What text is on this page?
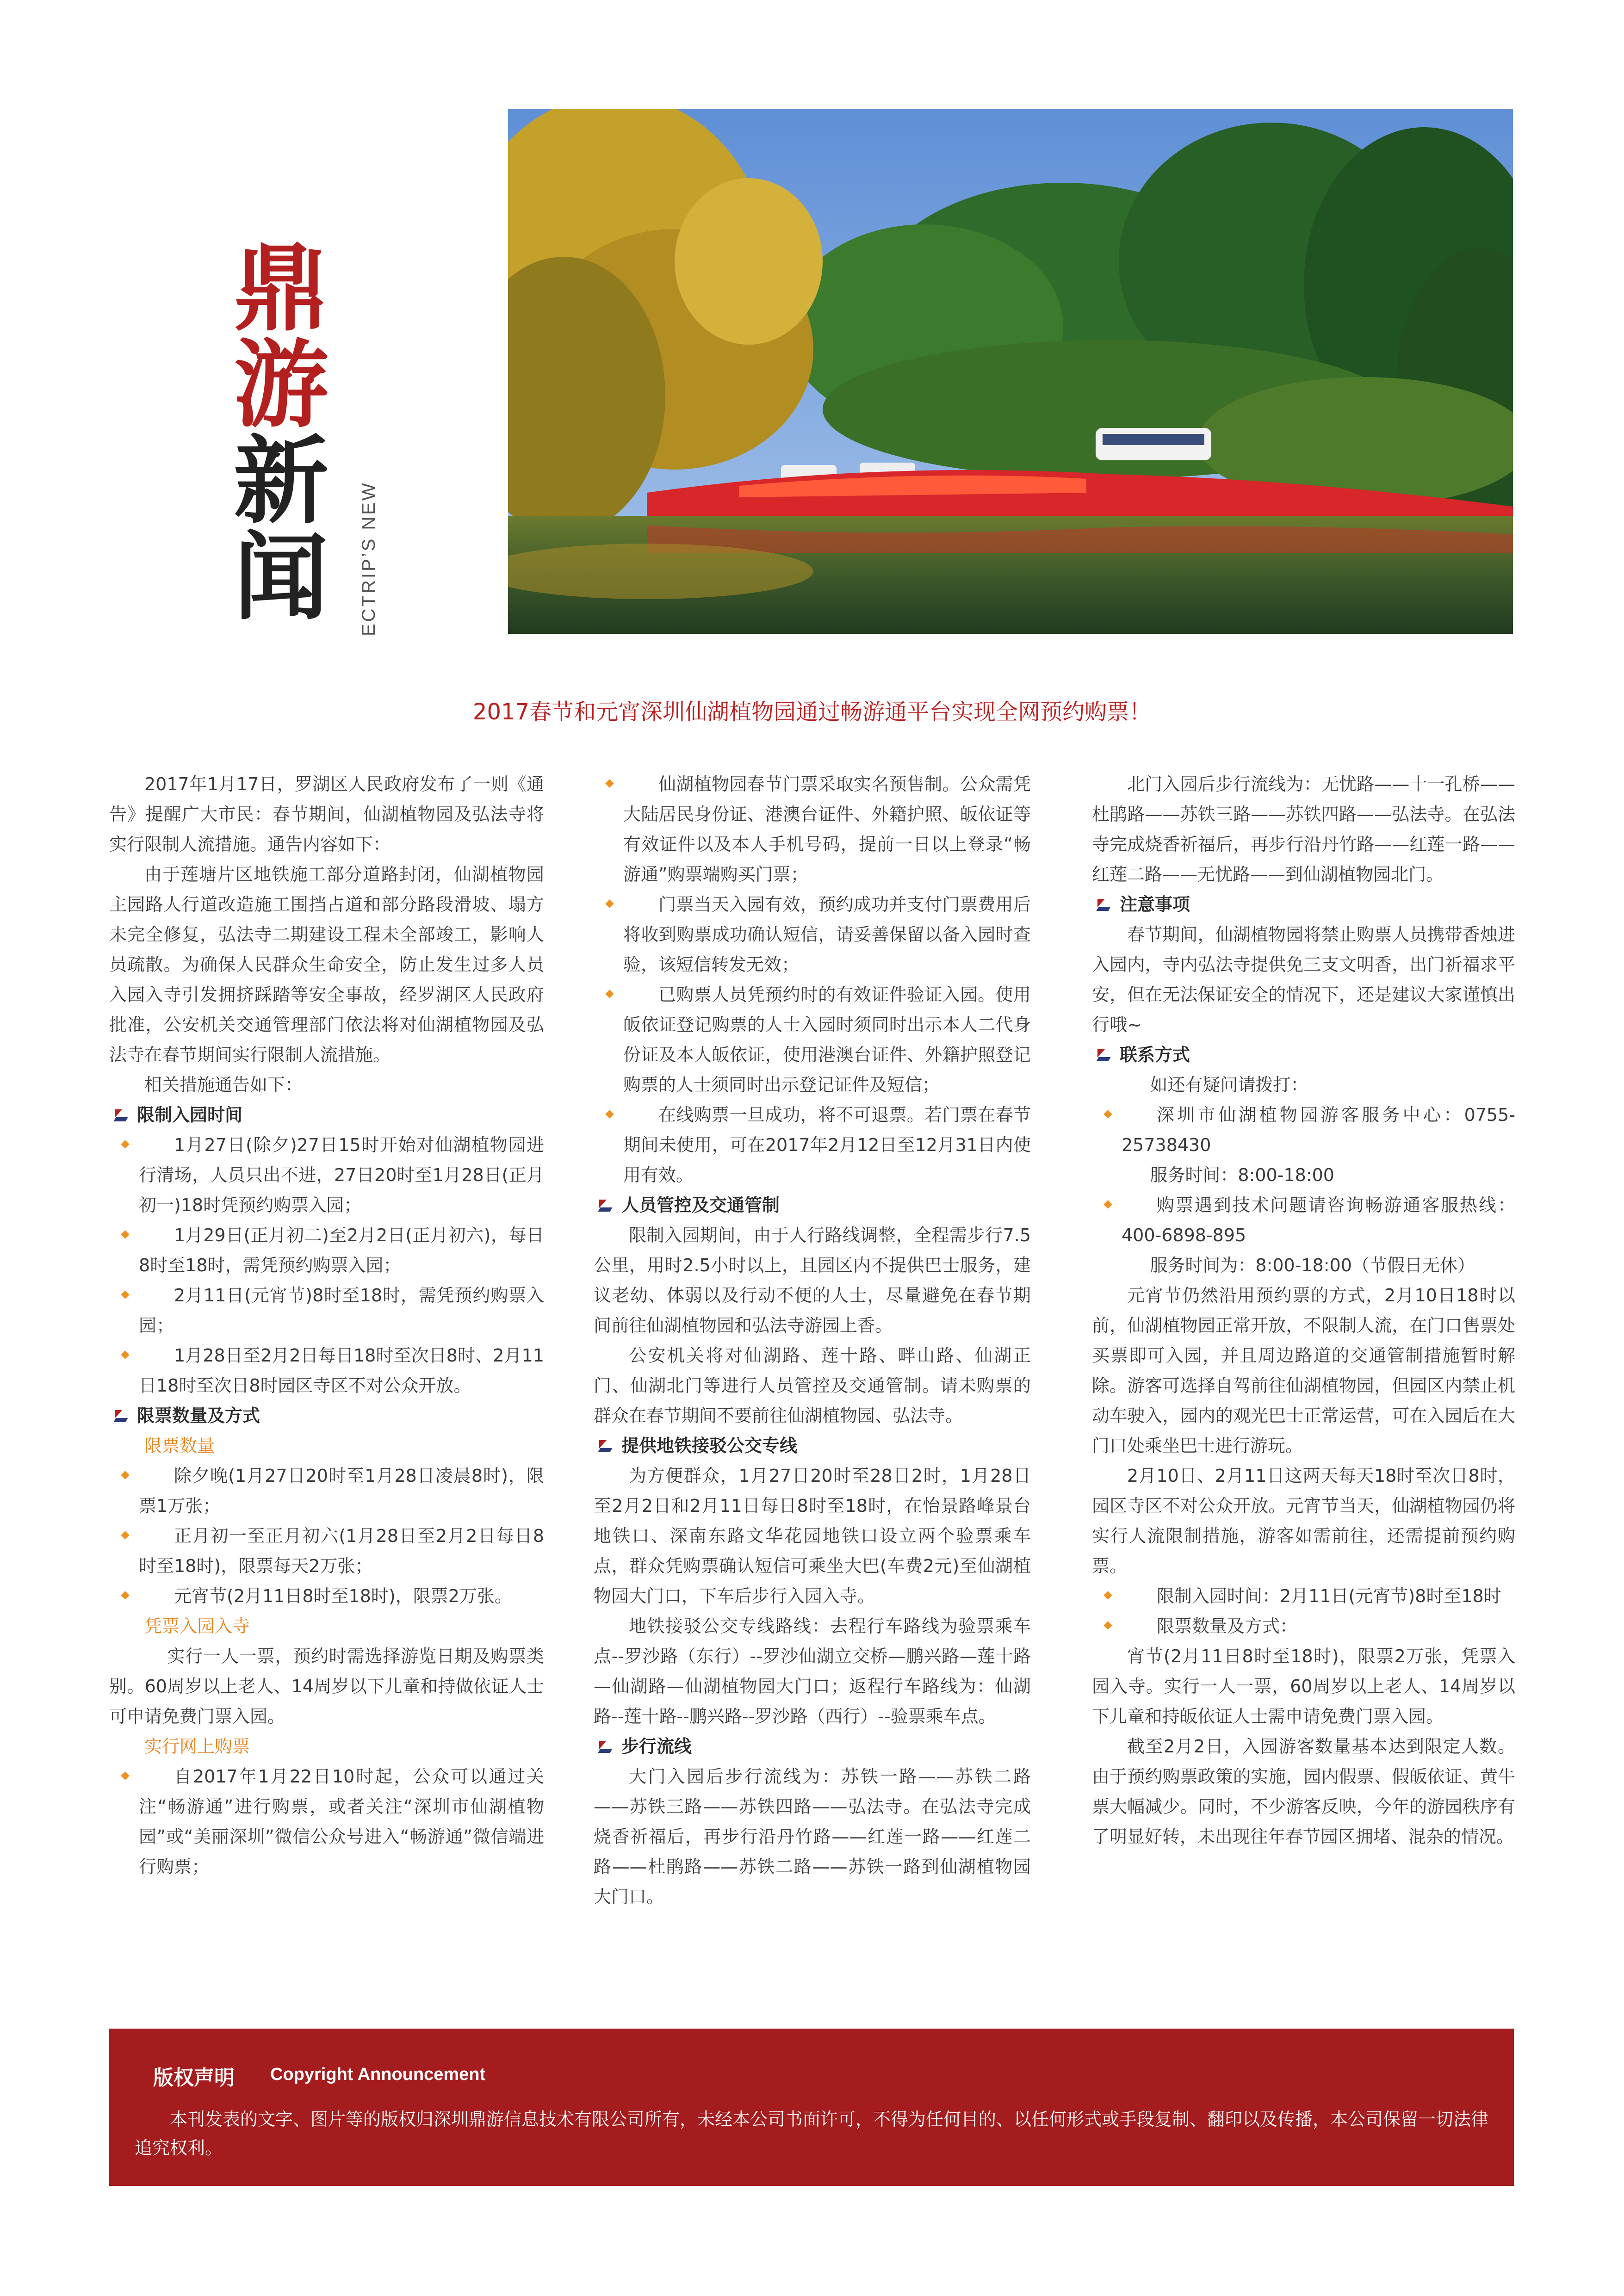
鼎
游
新
闻	ECTRIP’S NEW
2017春节和元宵深圳仙湖植物园通过畅游通平台实现全网预约购票！

2017年1月17日，罗湖区人民政府发布了一则《通告》提醒广大市民：春节期间，仙湖植物园及弘法寺将实行限制人流措施。通告内容如下：

由于莲塘片区地铁施工部分道路封闭，仙湖植物园主园路人行道改造施工围挡占道和部分路段滑坡、塌方未完全修复，弘法寺二期建设工程未全部竣工，影响人员疏散。为确保人民群众生命安全，防止发生过多人员入园入寺引发拥挤踩踏等安全事故，经罗湖区人民政府批准，公安机关交通管理部门依法将对仙湖植物园及弘法寺在春节期间实行限制人流措施。

相关措施通告如下：

限制入园时间
1月27日(除夕)27日15时开始对仙湖植物园进行清场，人员只出不进，27日20时至1月28日(正月初一)18时凭预约购票入园；
1月29日(正月初二)至2月2日(正月初六)，每日8时至18时，需凭预约购票入园；
2月11日(元宵节)8时至18时，需凭预约购票入园；
1月28日至2月2日每日18时至次日8时、2月11日18时至次日8时园区寺区不对公众开放。
限票数量及方式
限票数量
除夕晚(1月27日20时至1月28日凌晨8时)，限票1万张；
正月初一至正月初六(1月28日至2月2日每日8时至18时)，限票每天2万张；
元宵节(2月11日8时至18时)，限票2万张。
凭票入园入寺

实行一人一票，预约时需选择游览日期及购票类别。60周岁以上老人、14周岁以下儿童和持做依证人士可申请免费门票入园。

实行网上购票
自2017年1月22日10时起，公众可以通过关注“畅游通”进行购票，或者关注“深圳市仙湖植物园”或“美丽深圳”微信公众号进入“畅游通”微信端进行购票；
仙湖植物园春节门票采取实名预售制。公众需凭大陆居民身份证、港澳台证件、外籍护照、皈依证等有效证件以及本人手机号码，提前一日以上登录“畅游通”购票端购买门票；
门票当天入园有效，预约成功并支付门票费用后将收到购票成功确认短信，请妥善保留以备入园时查验，该短信转发无效；
已购票人员凭预约时的有效证件验证入园。使用皈依证登记购票的人士入园时须同时出示本人二代身份证及本人皈依证，使用港澳台证件、外籍护照登记购票的人士须同时出示登记证件及短信；
在线购票一旦成功，将不可退票。若门票在春节期间未使用，可在2017年2月12日至12月31日内使用有效。
人员管控及交通管制

限制入园期间，由于人行路线调整，全程需步行7.5公里，用时2.5小时以上，且园区内不提供巴士服务，建议老幼、体弱以及行动不便的人士，尽量避免在春节期间前往仙湖植物园和弘法寺游园上香。

公安机关将对仙湖路、莲十路、畔山路、仙湖正门、仙湖北门等进行人员管控及交通管制。请未购票的群众在春节期间不要前往仙湖植物园、弘法寺。

提供地铁接驳公交专线

为方便群众，1月27日20时至28日2时，1月28日至2月2日和2月11日每日8时至18时，在怡景路峰景台地铁口、深南东路文华花园地铁口设立两个验票乘车点，群众凭购票确认短信可乘坐大巴(车费2元)至仙湖植物园大门口，下车后步行入园入寺。

地铁接驳公交专线路线：去程行车路线为验票乘车点--罗沙路（东行）--罗沙仙湖立交桥—鹏兴路—莲十路—仙湖路—仙湖植物园大门口；返程行车路线为：仙湖路--莲十路--鹏兴路--罗沙路（西行）--验票乘车点。

步行流线

大门入园后步行流线为：苏铁一路——苏铁二路——苏铁三路——苏铁四路——弘法寺。在弘法寺完成烧香祈福后，再步行沿丹竹路——红莲一路——红莲二路——杜鹃路——苏铁二路——苏铁一路到仙湖植物园大门口。

北门入园后步行流线为：无忧路——十一孔桥——杜鹃路——苏铁三路——苏铁四路——弘法寺。在弘法寺完成烧香祈福后，再步行沿丹竹路——红莲一路——红莲二路——无忧路——到仙湖植物园北门。

注意事项

春节期间，仙湖植物园将禁止购票人员携带香烛进入园内，寺内弘法寺提供免三支文明香，出门祈福求平安，但在无法保证安全的情况下，还是建议大家谨慎出行哦~

联系方式

如还有疑问请拨打：

深圳市仙湖植物园游客服务中心：0755-25738430

服务时间：8:00-18:00

购票遇到技术问题请咨询畅游通客服热线：400-6898-895

服务时间为：8:00-18:00（节假日无休）

元宵节仍然沿用预约票的方式，2月10日18时以前，仙湖植物园正常开放，不限制人流，在门口售票处买票即可入园，并且周边路道的交通管制措施暂时解除。游客可选择自驾前往仙湖植物园，但园区内禁止机动车驶入，园内的观光巴士正常运营，可在入园后在大门口处乘坐巴士进行游玩。

2月10日、2月11日这两天每天18时至次日8时，园区寺区不对公众开放。元宵节当天，仙湖植物园仍将实行人流限制措施，游客如需前往，还需提前预约购票。

限制入园时间：2月11日(元宵节)8时至18时
限票数量及方式：

宵节(2月11日8时至18时)，限票2万张，凭票入园入寺。实行一人一票，60周岁以上老人、14周岁以下儿童和持皈依证人士需申请免费门票入园。

截至2月2日，入园游客数量基本达到限定人数。由于预约购票政策的实施，园内假票、假皈依证、黄牛票大幅减少。同时，不少游客反映，今年的游园秩序有了明显好转，未出现往年春节园区拥堵、混杂的情况。

版权声明 Copyright Announcement
本刊发表的文字、图片等的版权归深圳鼎游信息技术有限公司所有，未经本公司书面许可，不得为任何目的、以任何形式或手段复制、翻印以及传播，本公司保留一切法律追究权利。
